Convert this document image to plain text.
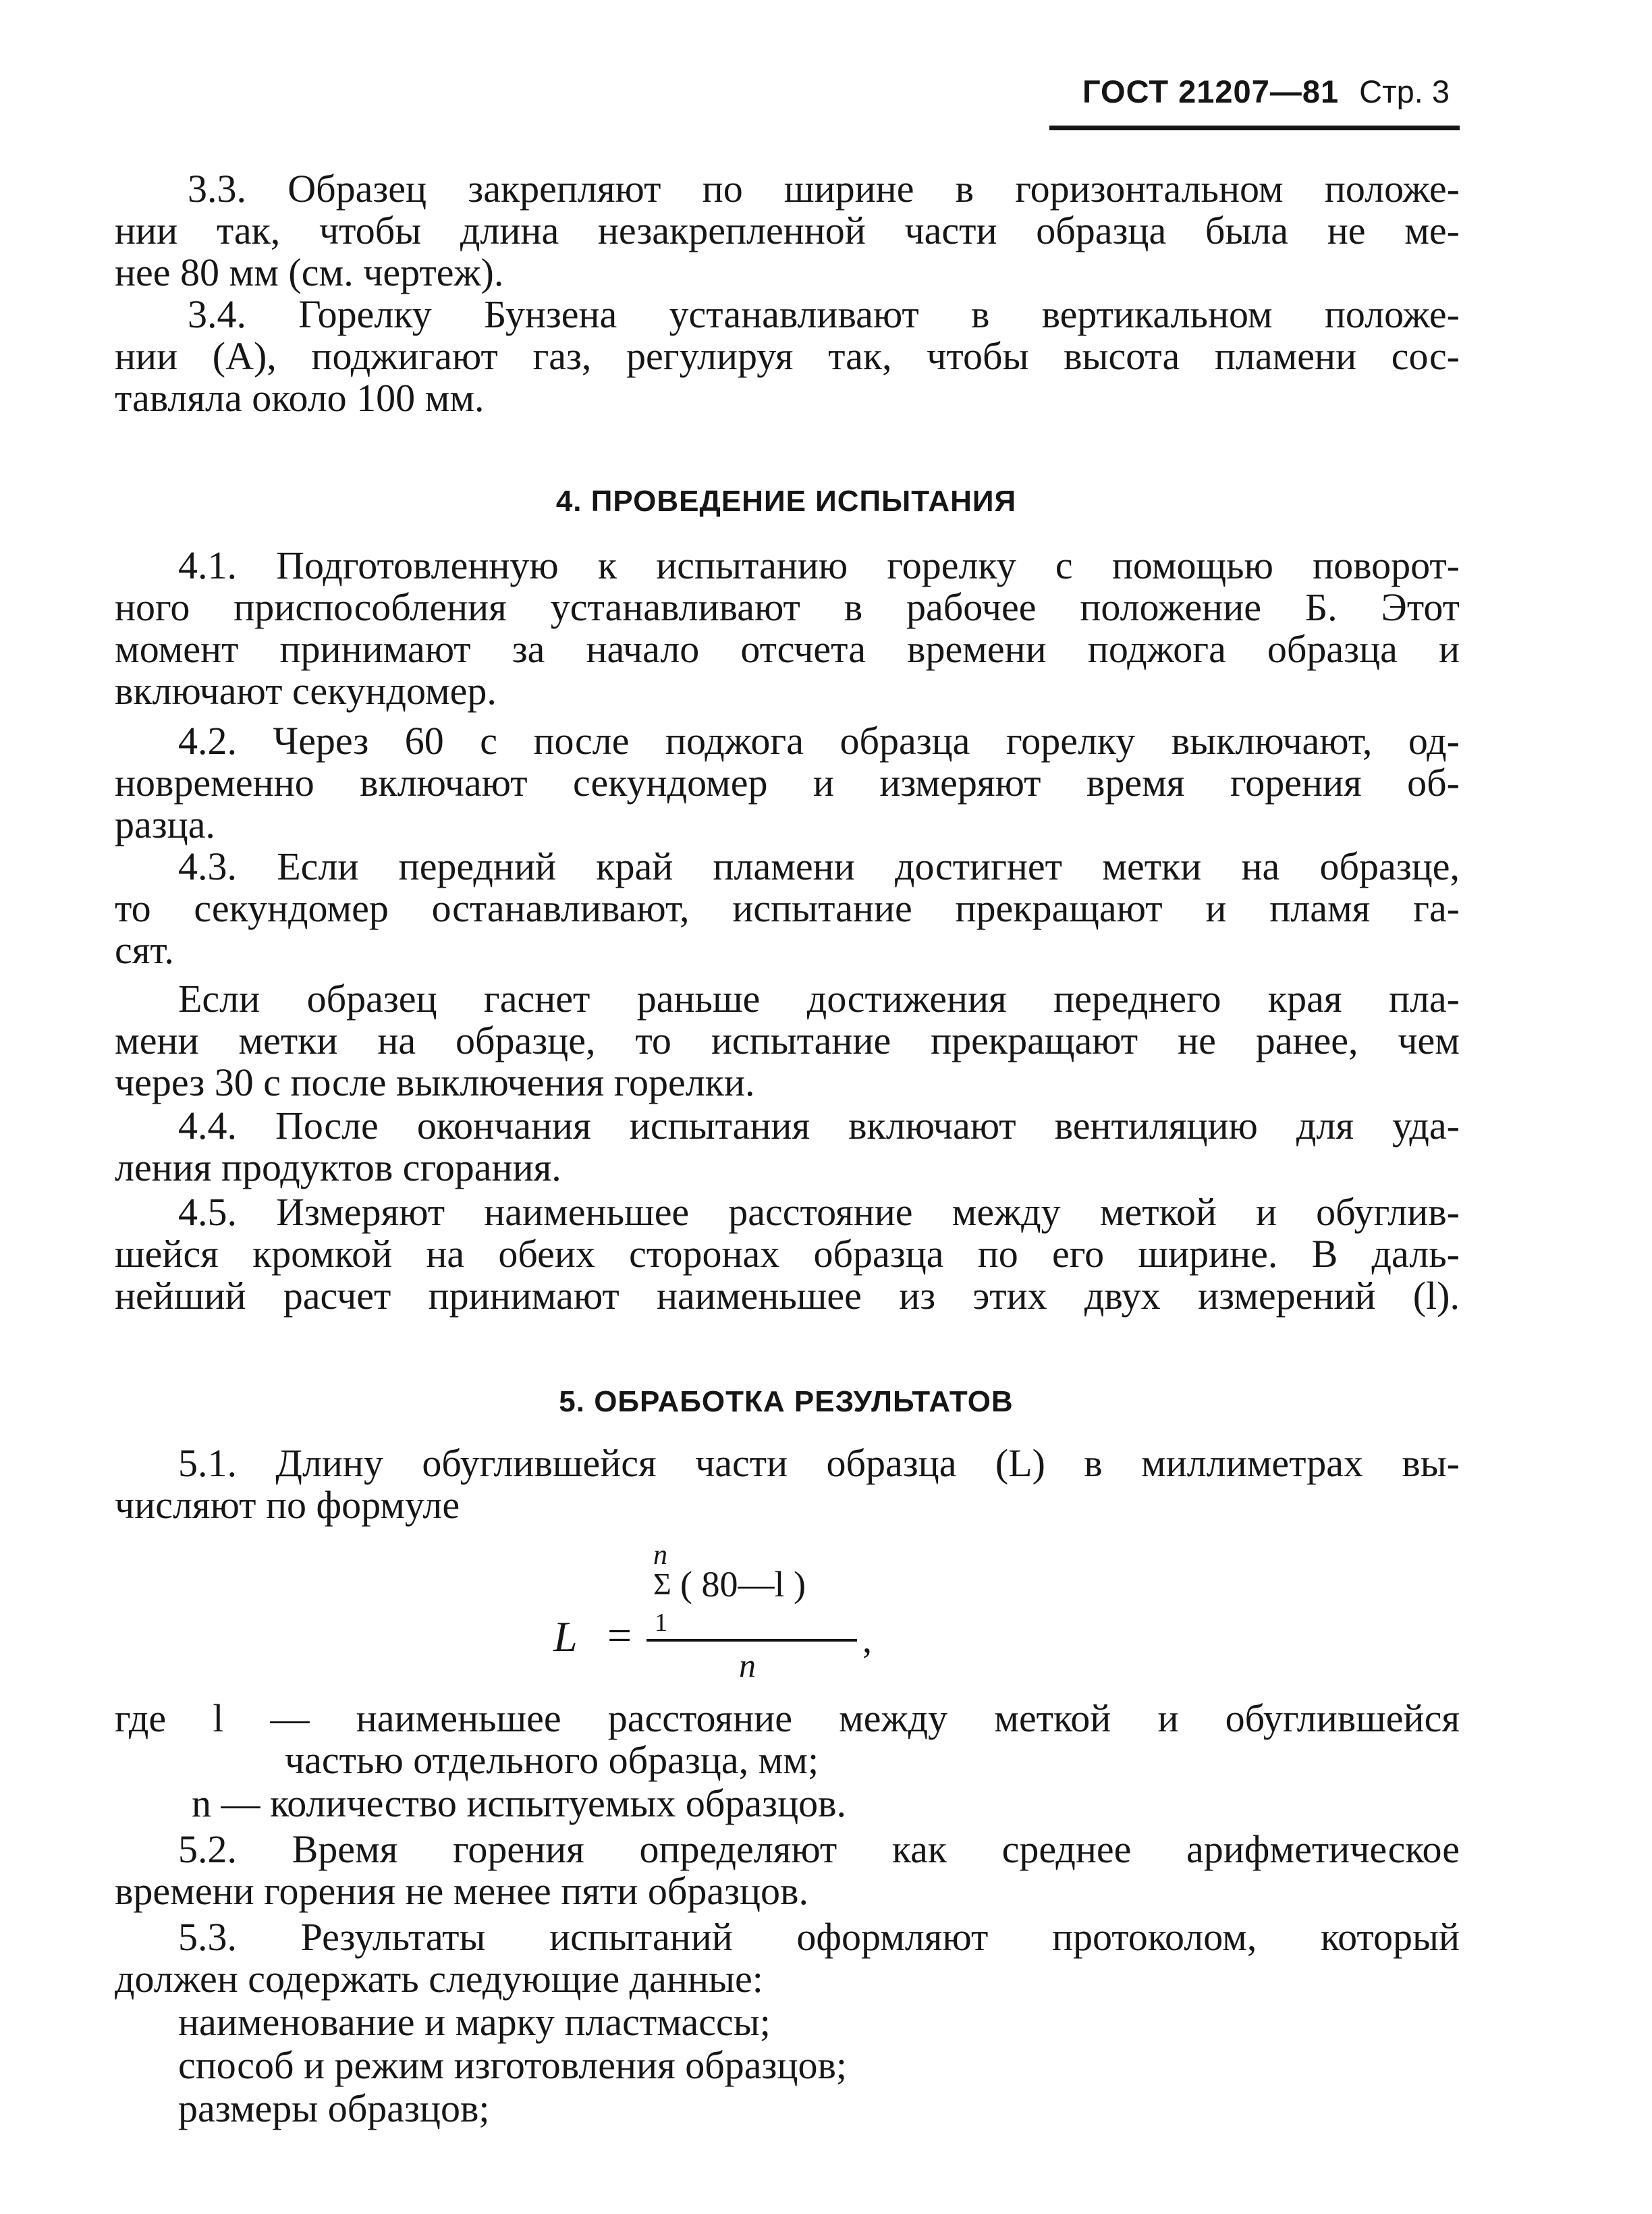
ГОСТ 21207—81 Стр. 3
3.3. Образец закрепляют по ширине в горизонтальном положе-
нии так, чтобы длина незакрепленной части образца была не ме-
нее 80 мм (см. чертеж).
3.4. Горелку Бунзена устанавливают в вертикальном положе-
нии (А), поджигают газ, регулируя так, чтобы высота пламени сос-
тавляла около 100 мм.
4. ПРОВЕДЕНИЕ ИСПЫТАНИЯ
4.1. Подготовленную к испытанию горелку с помощью поворот-
ного приспособления устанавливают в рабочее положение Б. Этот
момент принимают за начало отсчета времени поджога образца и
включают секундомер.
4.2. Через 60 с после поджога образца горелку выключают, од-
новременно включают секундомер и измеряют время горения об-
разца.
4.3. Если передний край пламени достигнет метки на образце,
то секундомер останавливают, испытание прекращают и пламя га-
сят.
Если образец гаснет раньше достижения переднего края пла-
мени метки на образце, то испытание прекращают не ранее, чем
через 30 с после выключения горелки.
4.4. После окончания испытания включают вентиляцию для уда-
ления продуктов сгорания.
4.5. Измеряют наименьшее расстояние между меткой и обуглив-
шейся кромкой на обеих сторонах образца по его ширине. В даль-
нейший расчет принимают наименьшее из этих двух измерений (l).
5. ОБРАБОТКА РЕЗУЛЬТАТОВ
5.1. Длину обуглившейся части образца (L) в миллиметрах вы-
числяют по формуле
L =
n
Σ ( 80—l )
1	,
n
где l — наименьшее расстояние между меткой и обуглившейся
частью отдельного образца, мм;
n — количество испытуемых образцов.
5.2. Время горения определяют как среднее арифметическое
времени горения не менее пяти образцов.
5.3. Результаты испытаний оформляют протоколом, который
должен содержать следующие данные:
наименование и марку пластмассы;
способ и режим изготовления образцов;
размеры образцов;
